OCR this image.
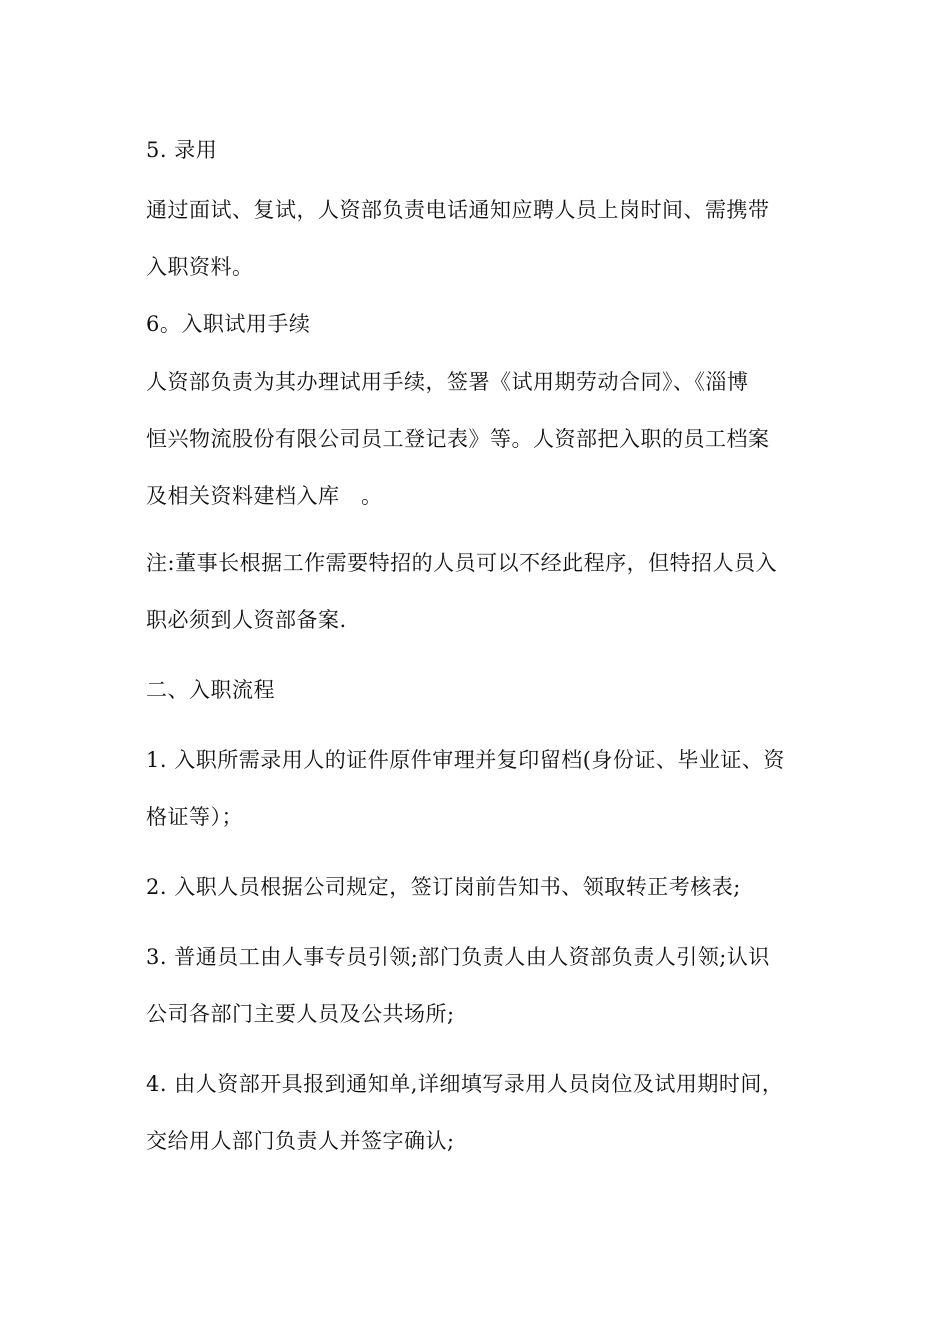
5. 录用
通过面试、复试，人资部负责电话通知应聘人员上岗时间、需携带
入职资料。
6。入职试用手续
人资部负责为其办理试用手续，签署《试用期劳动合同》、《淄博
恒兴物流股份有限公司员工登记表》等。人资部把入职的员工档案
及相关资料建档入库　。
注:董事长根据工作需要特招的人员可以不经此程序，但特招人员入
职必须到人资部备案.
二、入职流程
1. 入职所需录用人的证件原件审理并复印留档(身份证、毕业证、资
格证等）；
2. 入职人员根据公司规定，签订岗前告知书、领取转正考核表;
3. 普通员工由人事专员引领;部门负责人由人资部负责人引领;认识
公司各部门主要人员及公共场所;
4. 由人资部开具报到通知单,详细填写录用人员岗位及试用期时间，
交给用人部门负责人并签字确认;
